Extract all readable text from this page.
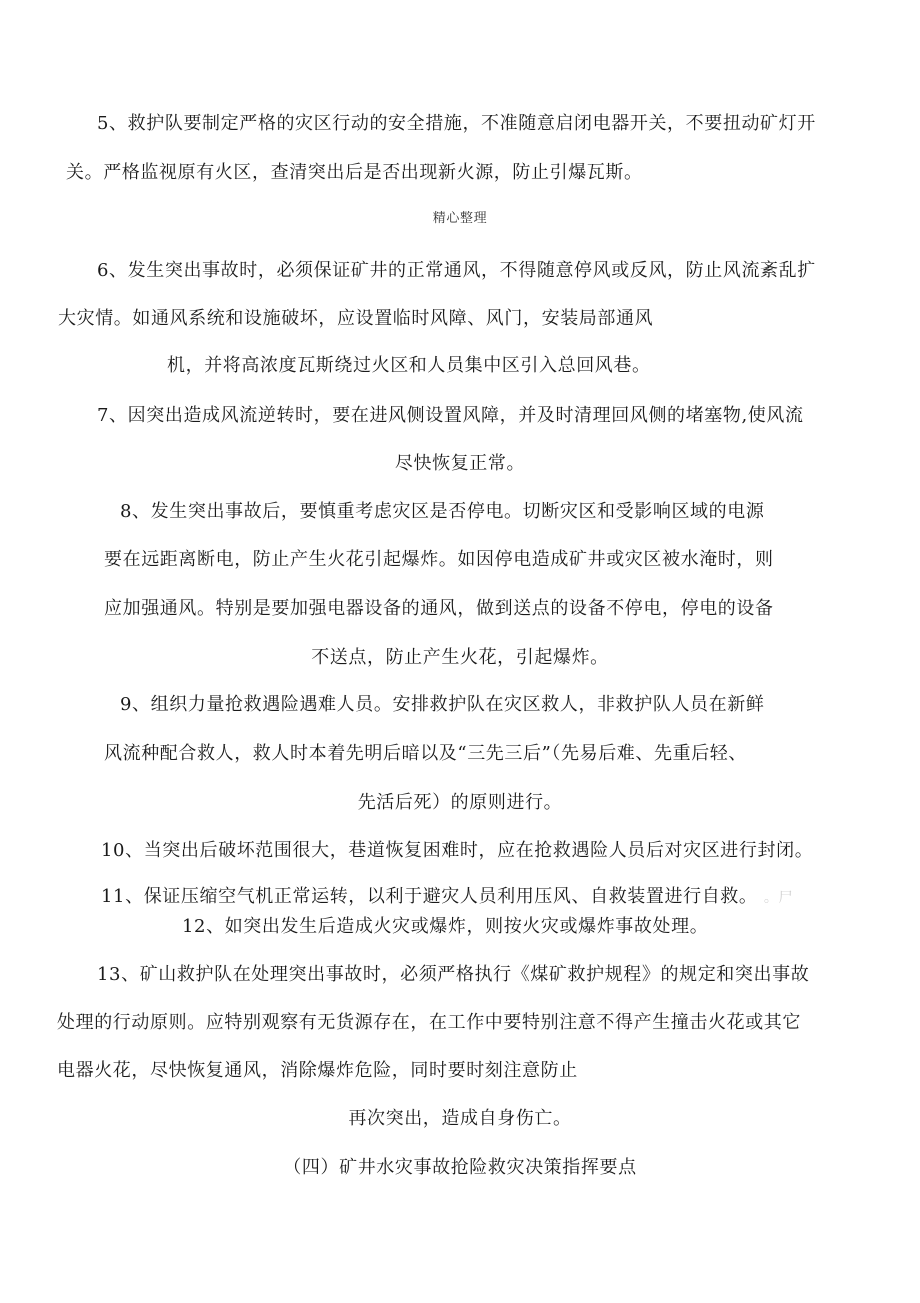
5、救护队要制定严格的灾区行动的安全措施，不准随意启闭电器开关，不要扭动矿灯开
关。严格监视原有火区，查清突出后是否出现新火源，防止引爆瓦斯。
精心整理
6、发生突出事故时，必须保证矿井的正常通风，不得随意停风或反风，防止风流紊乱扩
大灾情。如通风系统和设施破坏，应设置临时风障、风门，安装局部通风
机，并将高浓度瓦斯绕过火区和人员集中区引入总回风巷。
7、因突出造成风流逆转时，要在进风侧设置风障，并及时清理回风侧的堵塞物,使风流
尽快恢复正常。
8、发生突出事故后，要慎重考虑灾区是否停电。切断灾区和受影响区域的电源
要在远距离断电，防止产生火花引起爆炸。如因停电造成矿井或灾区被水淹时，则
应加强通风。特别是要加强电器设备的通风，做到送点的设备不停电，停电的设备
不送点，防止产生火花，引起爆炸。
9、组织力量抢救遇险遇难人员。安排救护队在灾区救人，非救护队人员在新鲜
风流种配合救人，救人时本着先明后暗以及“三先三后”（先易后难、先重后轻、
先活后死）的原则进行。
10、当突出后破坏范围很大，巷道恢复困难时，应在抢救遇险人员后对灾区进行封闭。
11、保证压缩空气机正常运转，以利于避灾人员利用压风、自救装置进行自救。 。尸
12、如突出发生后造成火灾或爆炸，则按火灾或爆炸事故处理。
13、矿山救护队在处理突出事故时，必须严格执行《煤矿救护规程》的规定和突出事故
处理的行动原则。应特别观察有无货源存在，在工作中要特别注意不得产生撞击火花或其它
电器火花，尽快恢复通风，消除爆炸危险，同时要时刻注意防止
再次突出，造成自身伤亡。
（四）矿井水灾事故抢险救灾决策指挥要点
